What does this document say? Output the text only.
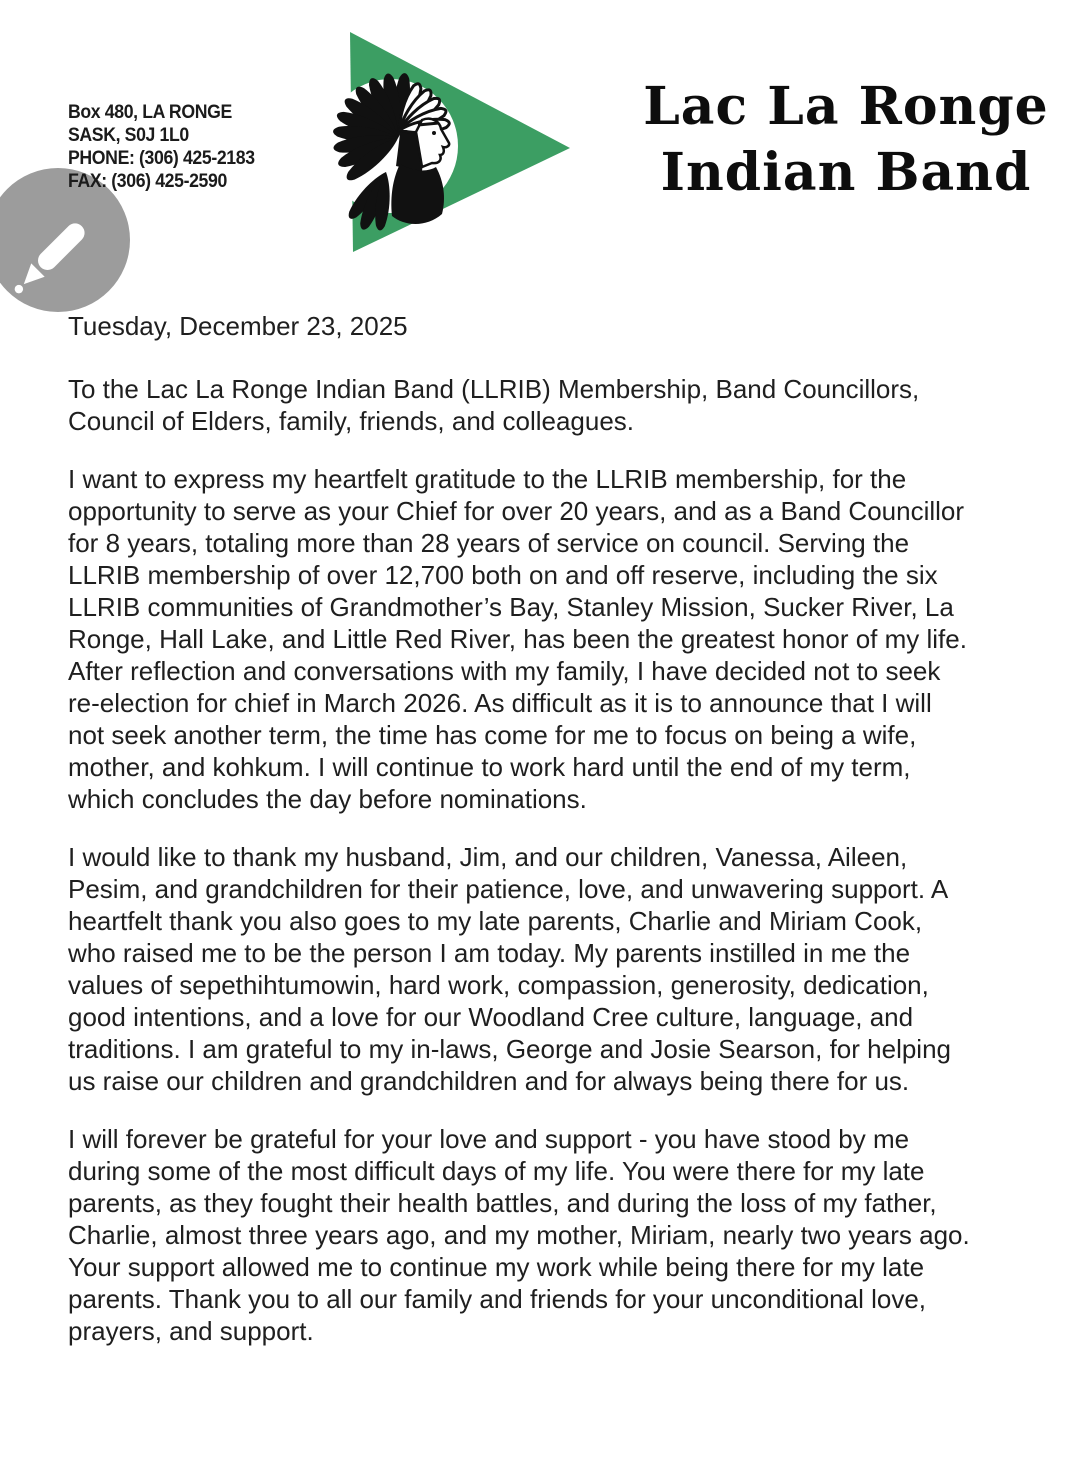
Box 480, LA RONGE
SASK, S0J 1L0
PHONE: (306) 425-2183
FAX: (306) 425-2590
Lac La Ronge
Indian Band

Tuesday, December 23, 2025

To the Lac La Ronge Indian Band (LLRIB) Membership, Band Councillors, Council of Elders, family, friends, and colleagues.

I want to express my heartfelt gratitude to the LLRIB membership, for the opportunity to serve as your Chief for over 20 years, and as a Band Councillor for 8 years, totaling more than 28 years of service on council. Serving the LLRIB membership of over 12,700 both on and off reserve, including the six LLRIB communities of Grandmother’s Bay, Stanley Mission, Sucker River, La Ronge, Hall Lake, and Little Red River, has been the greatest honor of my life. After reflection and conversations with my family, I have decided not to seek re-election for chief in March 2026. As difficult as it is to announce that I will not seek another term, the time has come for me to focus on being a wife, mother, and kohkum. I will continue to work hard until the end of my term, which concludes the day before nominations.

I would like to thank my husband, Jim, and our children, Vanessa, Aileen, Pesim, and grandchildren for their patience, love, and unwavering support. A heartfelt thank you also goes to my late parents, Charlie and Miriam Cook, who raised me to be the person I am today. My parents instilled in me the values of sepethihtumowin, hard work, compassion, generosity, dedication, good intentions, and a love for our Woodland Cree culture, language, and traditions. I am grateful to my in-laws, George and Josie Searson, for helping us raise our children and grandchildren and for always being there for us.

I will forever be grateful for your love and support - you have stood by me during some of the most difficult days of my life. You were there for my late parents, as they fought their health battles, and during the loss of my father, Charlie, almost three years ago, and my mother, Miriam, nearly two years ago. Your support allowed me to continue my work while being there for my late parents. Thank you to all our family and friends for your unconditional love, prayers, and support.
